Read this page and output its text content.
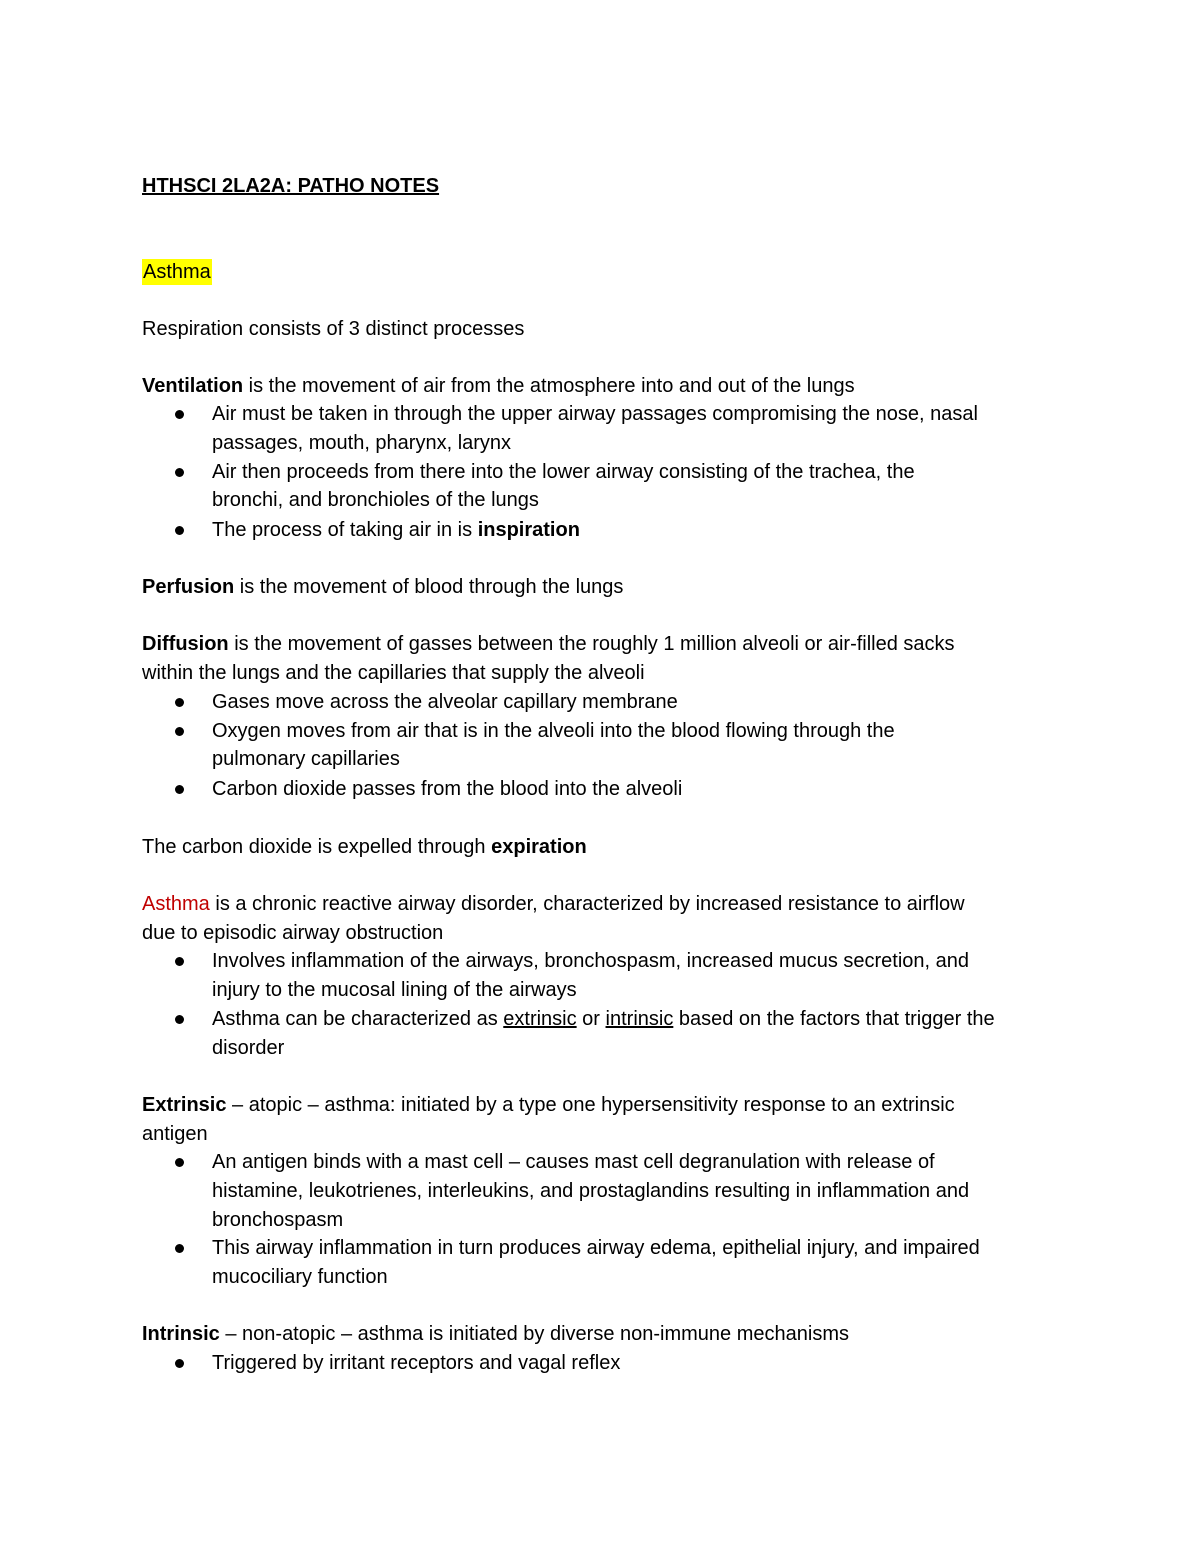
HTHSCI 2LA2A: PATHO NOTES
Asthma
Respiration consists of 3 distinct processes
Ventilation is the movement of air from the atmosphere into and out of the lungs
Air must be taken in through the upper airway passages compromising the nose, nasal
passages, mouth, pharynx, larynx
Air then proceeds from there into the lower airway consisting of the trachea, the
bronchi, and bronchioles of the lungs
The process of taking air in is inspiration
Perfusion is the movement of blood through the lungs
Diffusion is the movement of gasses between the roughly 1 million alveoli or air-filled sacks
within the lungs and the capillaries that supply the alveoli
Gases move across the alveolar capillary membrane
Oxygen moves from air that is in the alveoli into the blood flowing through the
pulmonary capillaries
Carbon dioxide passes from the blood into the alveoli
The carbon dioxide is expelled through expiration
Asthma is a chronic reactive airway disorder, characterized by increased resistance to airflow
due to episodic airway obstruction
Involves inflammation of the airways, bronchospasm, increased mucus secretion, and
injury to the mucosal lining of the airways
Asthma can be characterized as extrinsic or intrinsic based on the factors that trigger the
disorder
Extrinsic – atopic – asthma: initiated by a type one hypersensitivity response to an extrinsic
antigen
An antigen binds with a mast cell – causes mast cell degranulation with release of
histamine, leukotrienes, interleukins, and prostaglandins resulting in inflammation and
bronchospasm
This airway inflammation in turn produces airway edema, epithelial injury, and impaired
mucociliary function
Intrinsic – non-atopic – asthma is initiated by diverse non-immune mechanisms
Triggered by irritant receptors and vagal reflex
